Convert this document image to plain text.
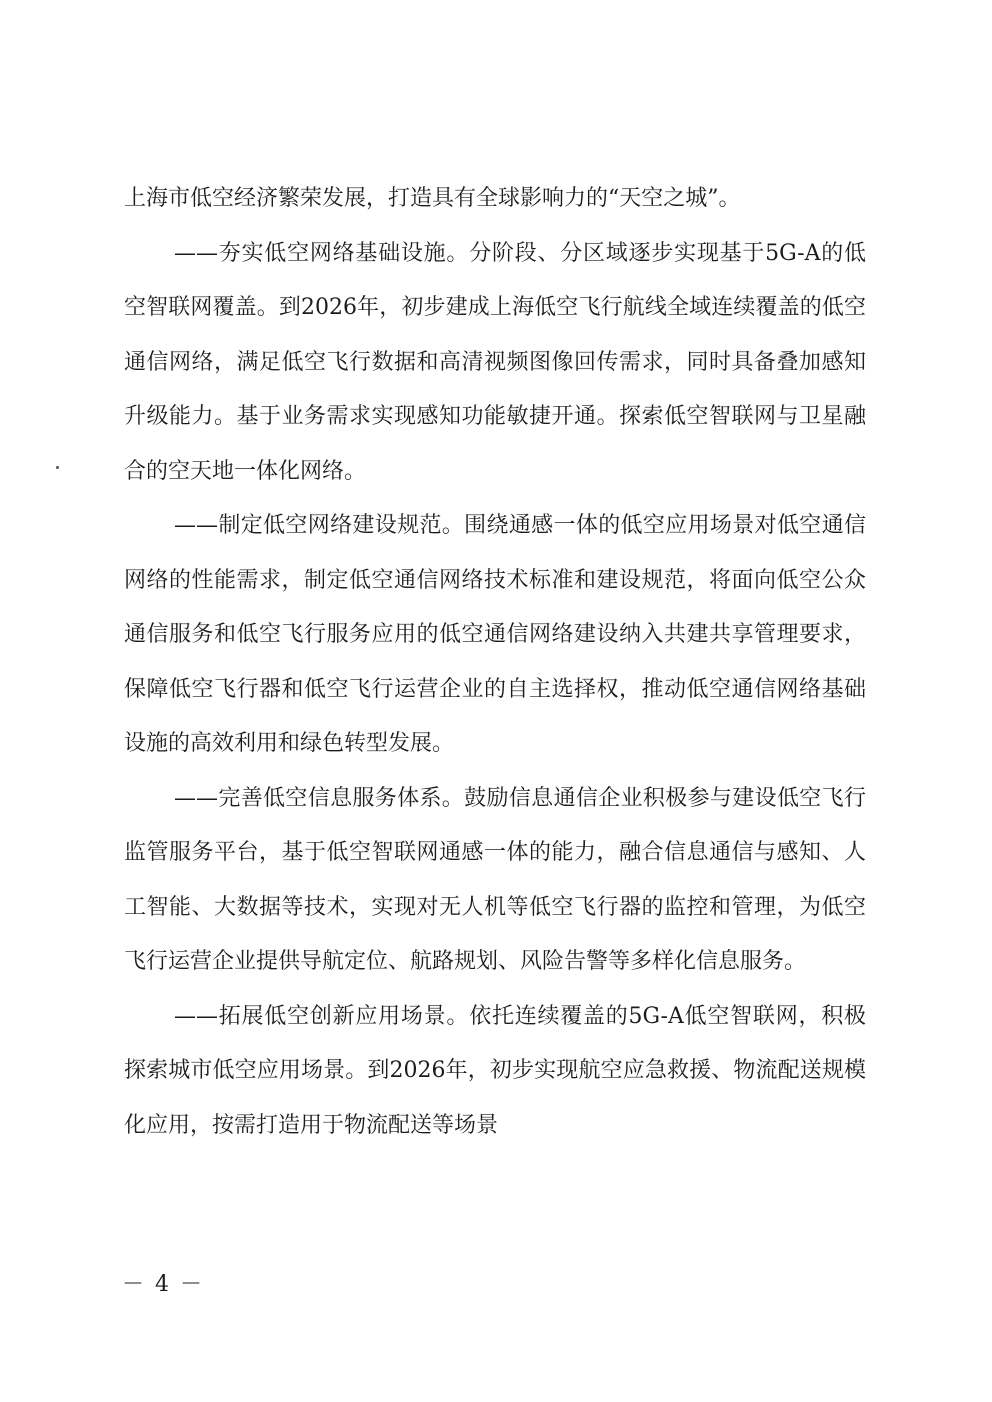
上海市低空经济繁荣发展，打造具有全球影响力的“天空之城”。

——夯实低空网络基础设施。分阶段、分区域逐步实现基于5G-A的低空智联网覆盖。到2026年，初步建成上海低空飞行航线全域连续覆盖的低空通信网络，满足低空飞行数据和高清视频图像回传需求，同时具备叠加感知升级能力。基于业务需求实现感知功能敏捷开通。探索低空智联网与卫星融合的空天地一体化网络。

——制定低空网络建设规范。围绕通感一体的低空应用场景对低空通信网络的性能需求，制定低空通信网络技术标准和建设规范，将面向低空公众通信服务和低空飞行服务应用的低空通信网络建设纳入共建共享管理要求，保障低空飞行器和低空飞行运营企业的自主选择权，推动低空通信网络基础设施的高效利用和绿色转型发展。

——完善低空信息服务体系。鼓励信息通信企业积极参与建设低空飞行监管服务平台，基于低空智联网通感一体的能力，融合信息通信与感知、人工智能、大数据等技术，实现对无人机等低空飞行器的监控和管理，为低空飞行运营企业提供导航定位、航路规划、风险告警等多样化信息服务。

——拓展低空创新应用场景。依托连续覆盖的5G-A低空智联网，积极探索城市低空应用场景。到2026年，初步实现航空应急救援、物流配送规模化应用，按需打造用于物流配送等场景

－ 4 －
